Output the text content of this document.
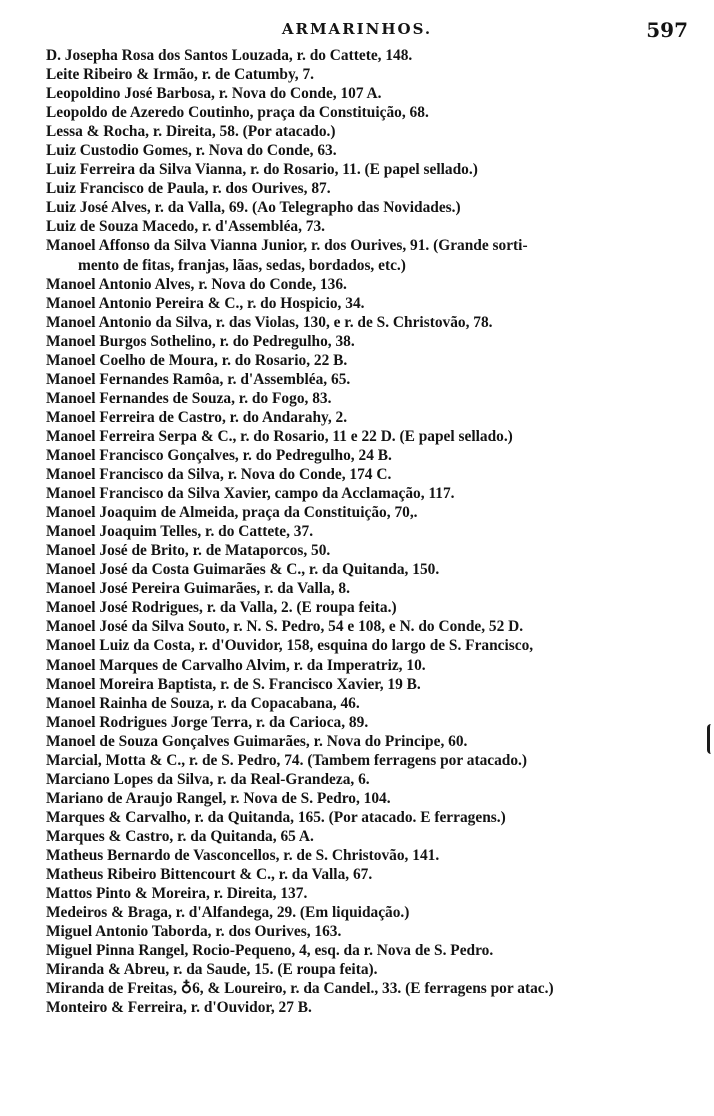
ARMARINHOS.	597
D. Josepha Rosa dos Santos Louzada, r. do Cattete, 148.
Leite Ribeiro & Irmão, r. de Catumby, 7.
Leopoldino José Barbosa, r. Nova do Conde, 107 A.
Leopoldo de Azeredo Coutinho, praça da Constituição, 68.
Lessa & Rocha, r. Direita, 58. (Por atacado.)
Luiz Custodio Gomes, r. Nova do Conde, 63.
Luiz Ferreira da Silva Vianna, r. do Rosario, 11. (E papel sellado.)
Luiz Francisco de Paula, r. dos Ourives, 87.
Luiz José Alves, r. da Valla, 69. (Ao Telegrapho das Novidades.)
Luiz de Souza Macedo, r. d'Assembléa, 73.
Manoel Affonso da Silva Vianna Junior, r. dos Ourives, 91. (Grande sorti-
mento de fitas, franjas, lãas, sedas, bordados, etc.)
Manoel Antonio Alves, r. Nova do Conde, 136.
Manoel Antonio Pereira & C., r. do Hospicio, 34.
Manoel Antonio da Silva, r. das Violas, 130, e r. de S. Christovão, 78.
Manoel Burgos Sothelino, r. do Pedregulho, 38.
Manoel Coelho de Moura, r. do Rosario, 22 B.
Manoel Fernandes Ramôa, r. d'Assembléa, 65.
Manoel Fernandes de Souza, r. do Fogo, 83.
Manoel Ferreira de Castro, r. do Andarahy, 2.
Manoel Ferreira Serpa & C., r. do Rosario, 11 e 22 D. (E papel sellado.)
Manoel Francisco Gonçalves, r. do Pedregulho, 24 B.
Manoel Francisco da Silva, r. Nova do Conde, 174 C.
Manoel Francisco da Silva Xavier, campo da Acclamação, 117.
Manoel Joaquim de Almeida, praça da Constituição, 70,.
Manoel Joaquim Telles, r. do Cattete, 37.
Manoel José de Brito, r. de Mataporcos, 50.
Manoel José da Costa Guimarães & C., r. da Quitanda, 150.
Manoel José Pereira Guimarães, r. da Valla, 8.
Manoel José Rodrigues, r. da Valla, 2. (E roupa feita.)
Manoel José da Silva Souto, r. N. S. Pedro, 54 e 108, e N. do Conde, 52 D.
Manoel Luiz da Costa, r. d'Ouvidor, 158, esquina do largo de S. Francisco,
Manoel Marques de Carvalho Alvim, r. da Imperatriz, 10.
Manoel Moreira Baptista, r. de S. Francisco Xavier, 19 B.
Manoel Rainha de Souza, r. da Copacabana, 46.
Manoel Rodrigues Jorge Terra, r. da Carioca, 89.
Manoel de Souza Gonçalves Guimarães, r. Nova do Principe, 60.
Marcial, Motta & C., r. de S. Pedro, 74. (Tambem ferragens por atacado.)
Marciano Lopes da Silva, r. da Real-Grandeza, 6.
Mariano de Araujo Rangel, r. Nova de S. Pedro, 104.
Marques & Carvalho, r. da Quitanda, 165. (Por atacado. E ferragens.)
Marques & Castro, r. da Quitanda, 65 A.
Matheus Bernardo de Vasconcellos, r. de S. Christovão, 141.
Matheus Ribeiro Bittencourt & C., r. da Valla, 67.
Mattos Pinto & Moreira, r. Direita, 137.
Medeiros & Braga, r. d'Alfandega, 29. (Em liquidação.)
Miguel Antonio Taborda, r. dos Ourives, 163.
Miguel Pinna Rangel, Rocio-Pequeno, 4, esq. da r. Nova de S. Pedro.
Miranda & Abreu, r. da Saude, 15. (E roupa feita).
Miranda de Freitas, ♁6, & Loureiro, r. da Candel., 33. (E ferragens por atac.)
Monteiro & Ferreira, r. d'Ouvidor, 27 B.
